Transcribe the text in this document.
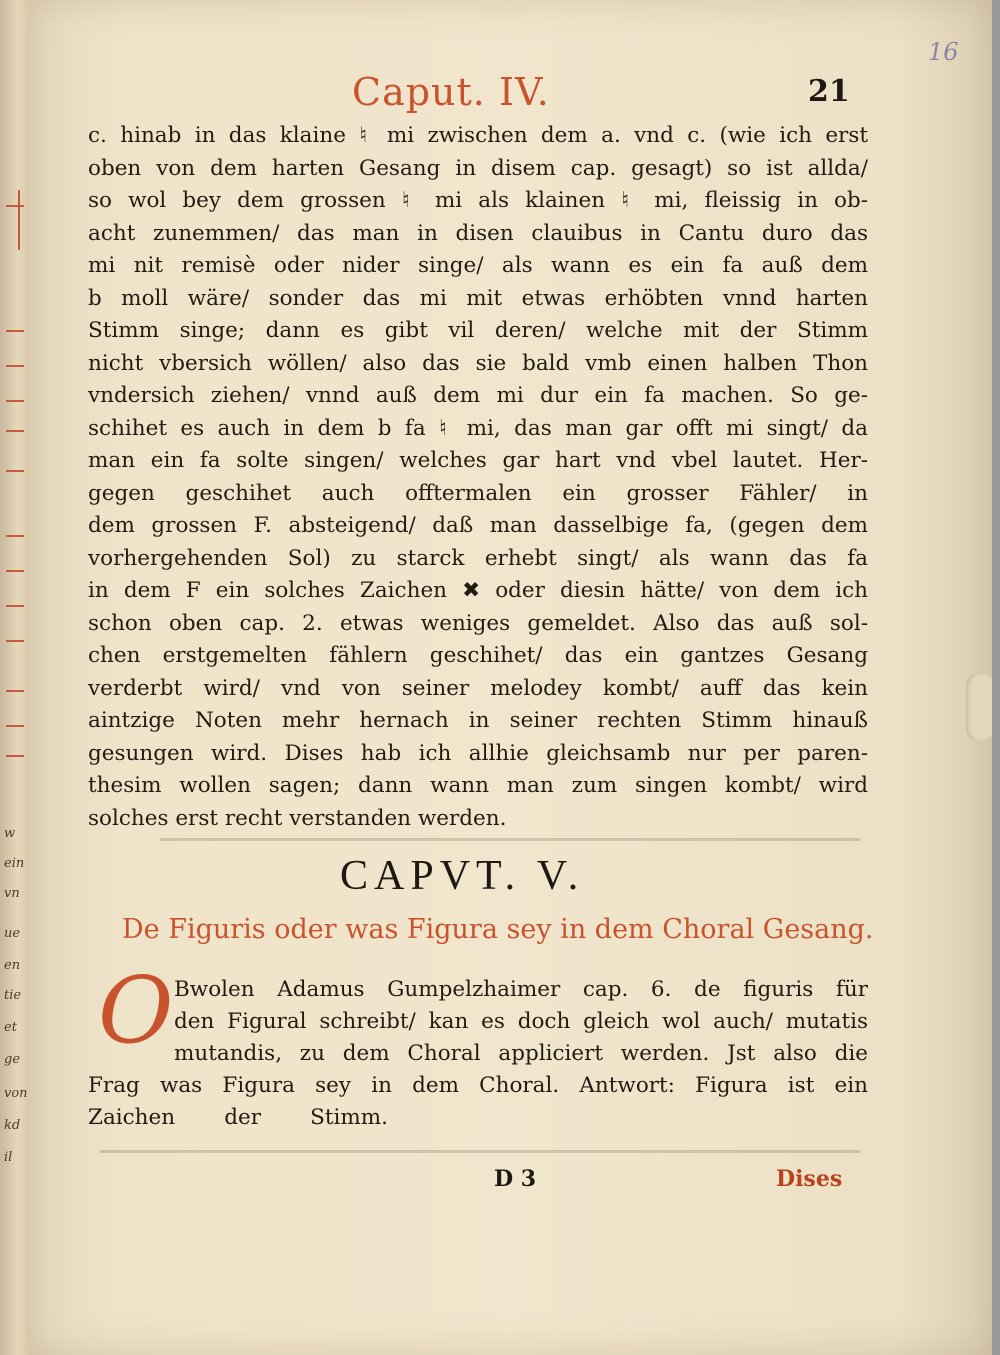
w
ein
vn
ue
en
tie
et
ge
von
kd
il
16
Caput. IV.	21
c. hinab in das klaine ♮ mi zwischen dem a. vnd c. (wie ich erst
oben von dem harten Gesang in disem cap. gesagt) so ist allda/
so wol bey dem grossen ♮ mi als klainen ♮ mi, fleissig in ob-
acht zunemmen/ das man in disen clauibus in Cantu duro das
mi nit remisè oder nider singe/ als wann es ein fa auß dem
b moll wäre/ sonder das mi mit etwas erhöbten vnnd harten
Stimm singe; dann es gibt vil deren/ welche mit der Stimm
nicht vbersich wöllen/ also das sie bald vmb einen halben Thon
vndersich ziehen/ vnnd auß dem mi dur ein fa machen. So ge-
schihet es auch in dem b fa ♮ mi, das man gar offt mi singt/ da
man ein fa solte singen/ welches gar hart vnd vbel lautet. Her-
gegen geschihet auch offtermalen ein grosser Fähler/ in
dem grossen F. absteigend/ daß man dasselbige fa, (gegen dem
vorhergehenden Sol) zu starck erhebt singt/ als wann das fa
in dem F ein solches Zaichen ✖ oder diesin hätte/ von dem ich
schon oben cap. 2. etwas weniges gemeldet. Also das auß sol-
chen erstgemelten fählern geschihet/ das ein gantzes Gesang
verderbt wird/ vnd von seiner melodey kombt/ auff das kein
aintzige Noten mehr hernach in seiner rechten Stimm hinauß
gesungen wird. Dises hab ich allhie gleichsamb nur per paren-
thesim wollen sagen; dann wann man zum singen kombt/ wird
solches erst recht verstanden werden.
CAPVT. V.
De Figuris oder was Figura sey in dem Choral Gesang.
O Bwolen Adamus Gumpelzhaimer cap. 6. de figuris für
den Figural schreibt/ kan es doch gleich wol auch/ mutatis
mutandis, zu dem Choral appliciert werden. Jst also die
Frag was Figura sey in dem Choral. Antwort: Figura ist ein
Zaichen der Stimm.
D 3	Dises
